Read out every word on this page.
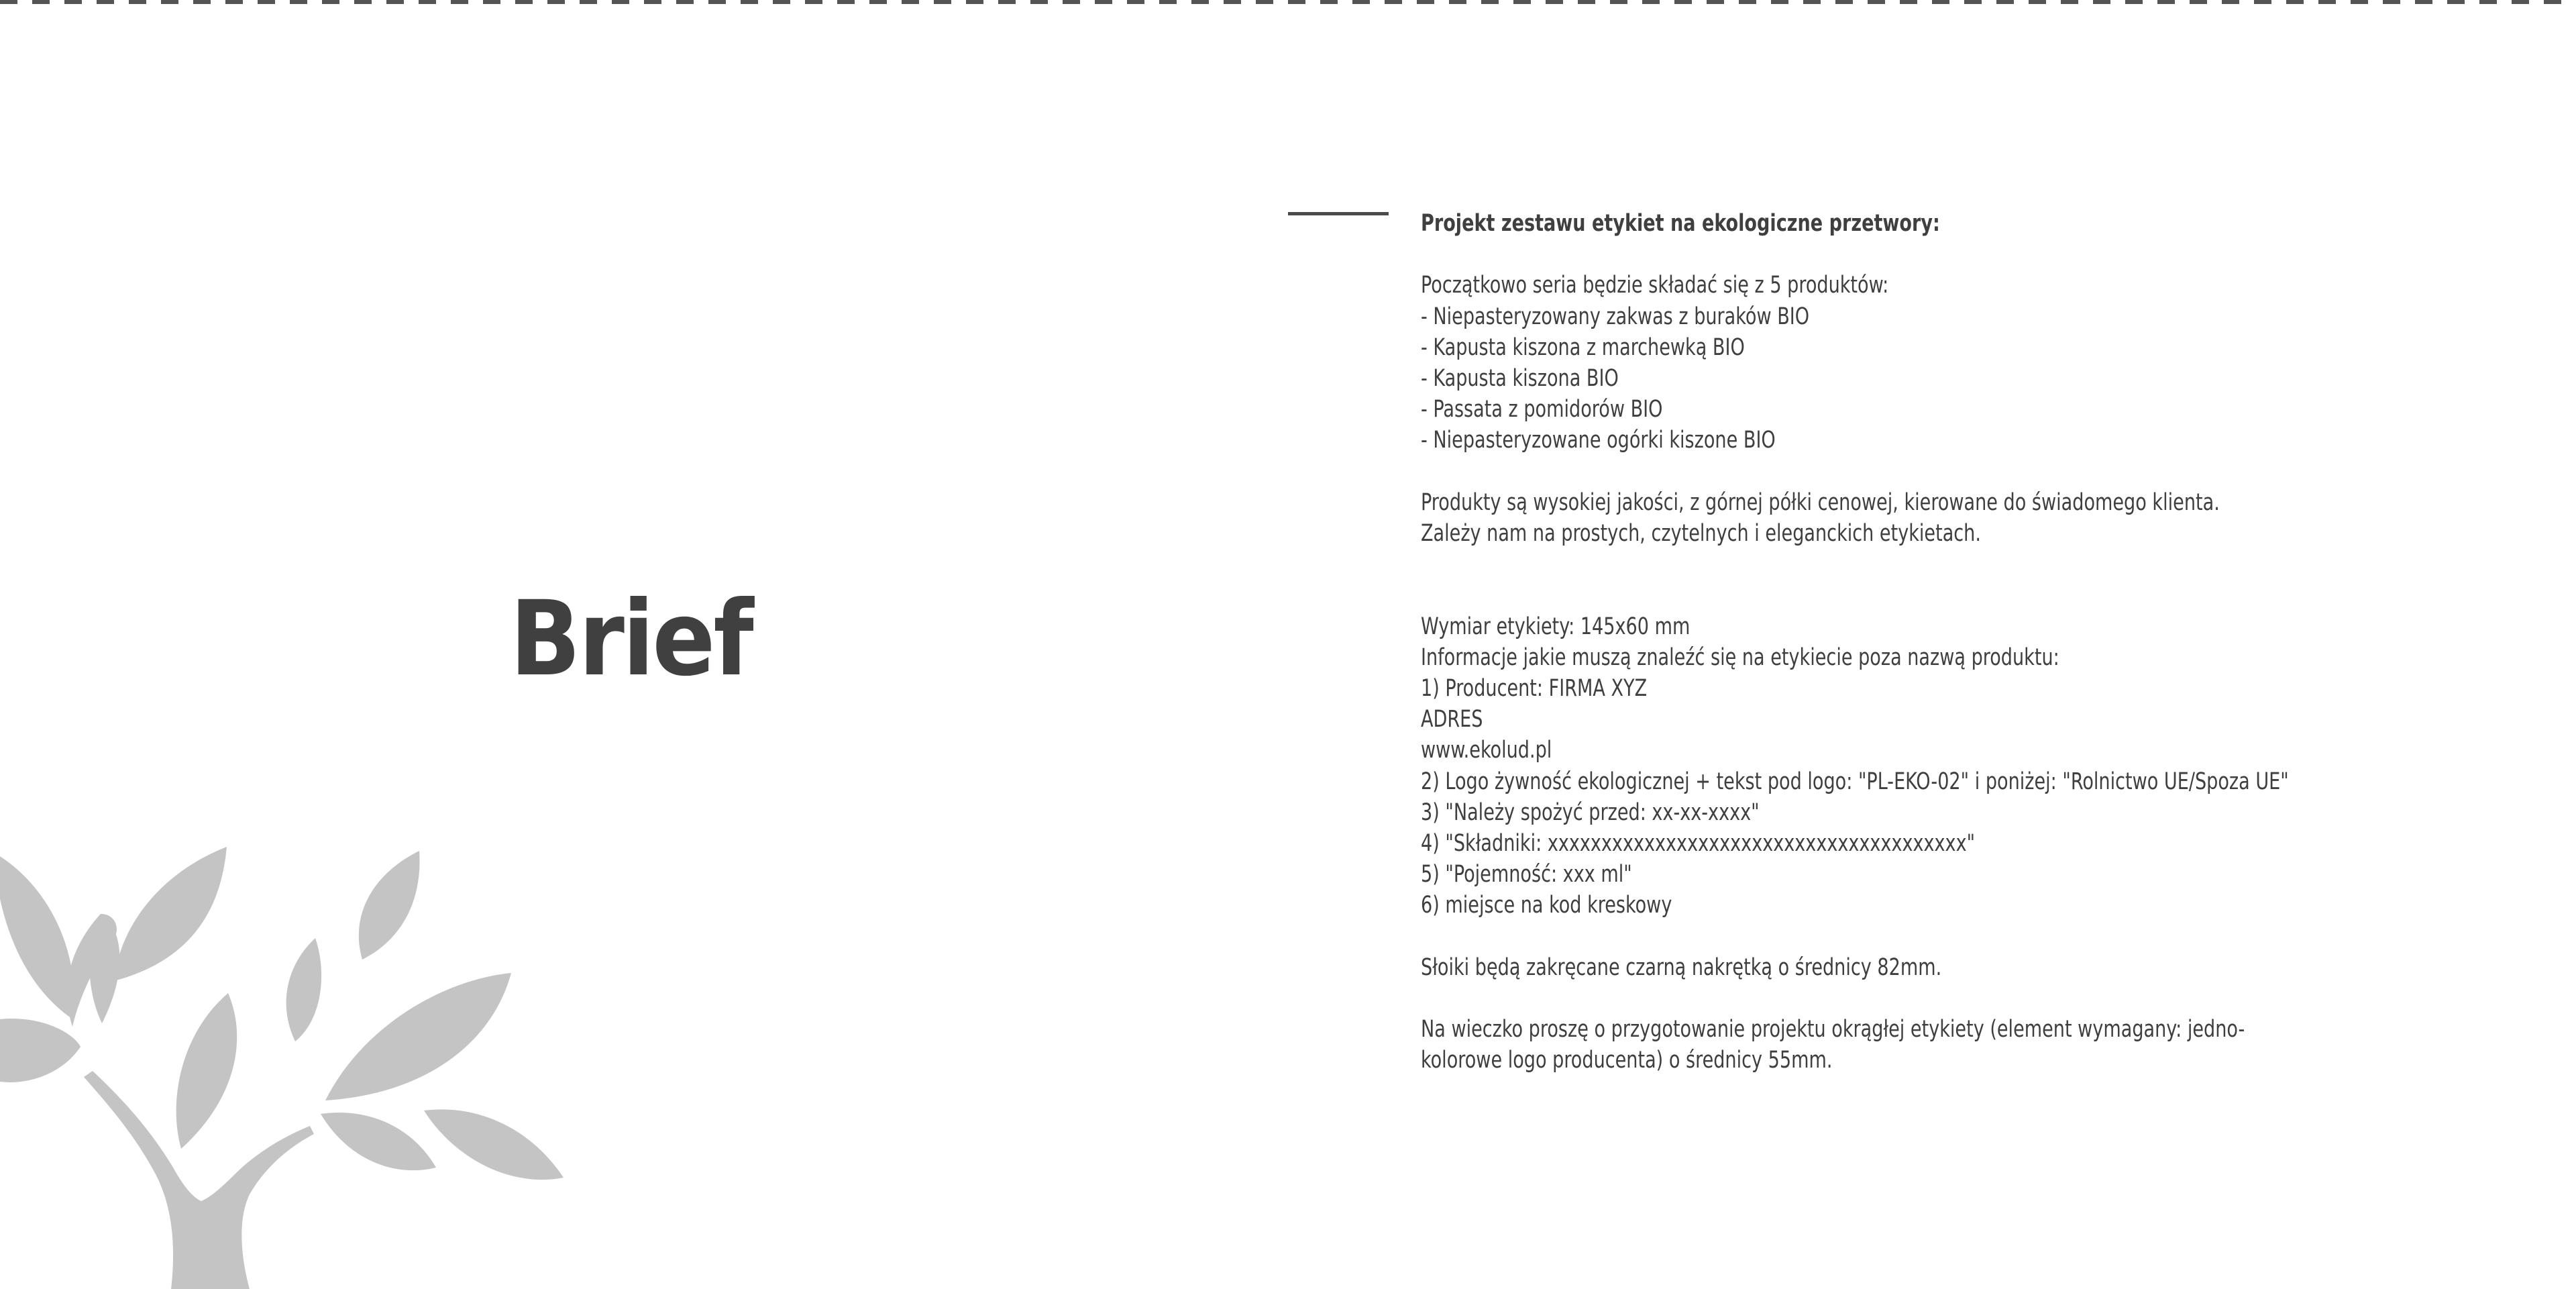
Brief

Projekt zestawu etykiet na ekologiczne przetwory:

Początkowo seria będzie składać się z 5 produktów:

- Niepasteryzowany zakwas z buraków BIO

- Kapusta kiszona z marchewką BIO

- Kapusta kiszona BIO

- Passata z pomidorów BIO

- Niepasteryzowane ogórki kiszone BIO

Produkty są wysokiej jakości, z górnej półki cenowej, kierowane do świadomego klienta.

Zależy nam na prostych, czytelnych i eleganckich etykietach.

Wymiar etykiety: 145x60 mm

Informacje jakie muszą znaleźć się na etykiecie poza nazwą produktu:

1) Producent: FIRMA XYZ

ADRES

www.ekolud.pl

2) Logo żywność ekologicznej + tekst pod logo: "PL-EKO-02" i poniżej: "Rolnictwo UE/Spoza UE"

3) "Należy spożyć przed: xx-xx-xxxx"

4) "Składniki: xxxxxxxxxxxxxxxxxxxxxxxxxxxxxxxxxxxxxxx"

5) "Pojemność: xxx ml"

6) miejsce na kod kreskowy

Słoiki będą zakręcane czarną nakrętką o średnicy 82mm.

Na wieczko proszę o przygotowanie projektu okrągłej etykiety (element wymagany: jedno-

kolorowe logo producenta) o średnicy 55mm.
